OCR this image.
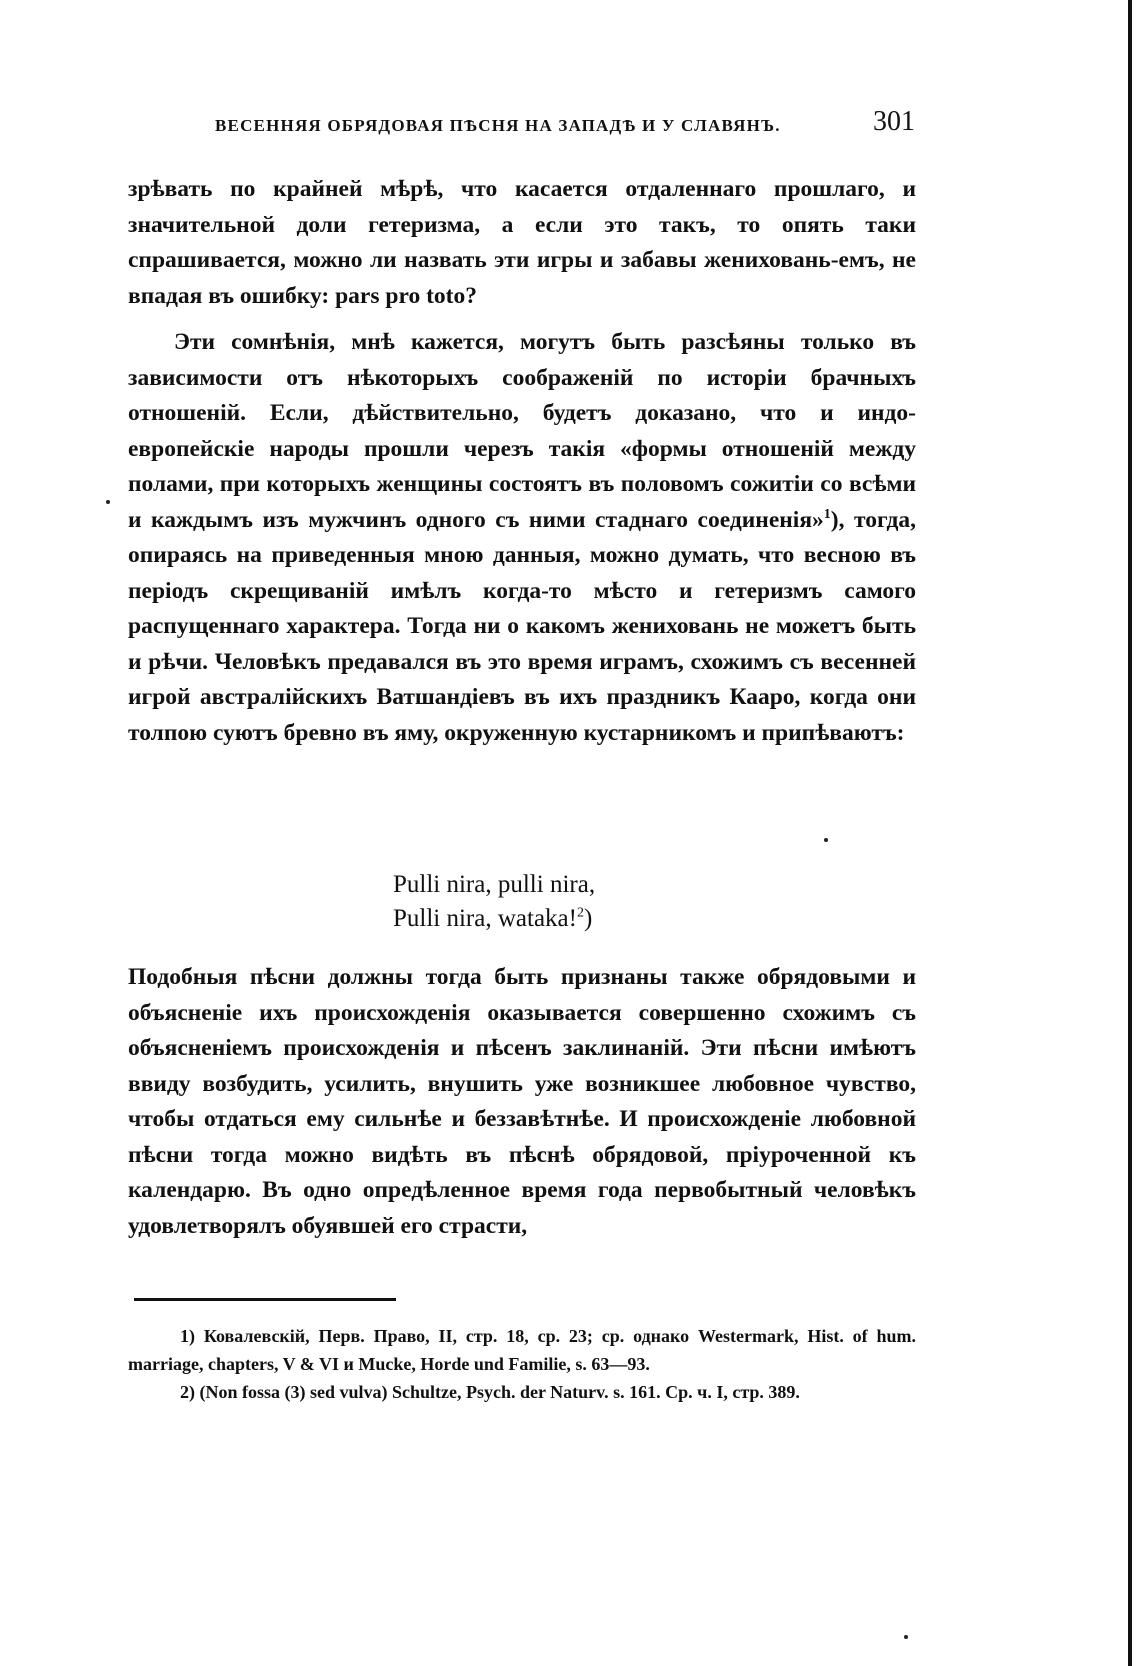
ВЕСЕННЯЯ ОБРЯДОВАЯ ПѢСНЯ НА ЗАПАДѢ И У СЛАВЯНЪ.	301
зрѣвать по крайней мѣрѣ, что касается отдаленнаго прошлаго, и значительной доли гетеризма, а если это такъ, то опять таки спрашивается, можно ли назвать эти игры и забавы жениховань-емъ, не впадая въ ошибку: pars pro toto?
Эти сомнѣнія, мнѣ кажется, могутъ быть разсѣяны только въ зависимости отъ нѣкоторыхъ соображеній по исторіи брачныхъ отношеній. Если, дѣйствительно, будетъ доказано, что и индо-европейскіе народы прошли черезъ такія «формы отношеній между полами, при которыхъ женщины состоятъ въ половомъ сожитіи со всѣми и каждымъ изъ мужчинъ одного съ ними стаднаго соединенія»$^1$), тогда, опираясь на приведенныя мною данныя, можно думать, что весною въ періодъ скрещиваній имѣлъ когда-то мѣсто и гетеризмъ самого распущеннаго характера. Тогда ни о какомъ жениховань не можетъ быть и рѣчи. Человѣкъ предавался въ это время играмъ, схожимъ съ весенней игрой австралійскихъ Ватшандіевъ въ ихъ праздникъ Кааро, когда они толпою суютъ бревно въ яму, окруженную кустарникомъ и припѣваютъ:
Pulli nira, pulli nira,
Pulli nira, wataka!$^2$)
Подобныя пѣсни должны тогда быть признаны также обрядовыми и объясненіе ихъ происхожденія оказывается совершенно схожимъ съ объясненіемъ происхожденія и пѣсенъ заклинаній. Эти пѣсни имѣютъ ввиду возбудить, усилить, внушить уже возникшее любовное чувство, чтобы отдаться ему сильнѣе и беззавѣтнѣе. И происхожденіе любовной пѣсни тогда можно видѣть въ пѣснѣ обрядовой, пріуроченной къ календарю. Въ одно опредѣленное время года первобытный человѣкъ удовлетворялъ обуявшей его страсти,
1) Ковалевскій, Перв. Право, II, стр. 18, ср. 23; ср. однако Westermark, Hist. of hum. marriage, chapters, V & VI и Mucke, Horde und Familie, s. 63—93.
2) (Non fossa (3) sed vulva) Schultze, Psych. der Naturv. s. 161. Ср. ч. I, стр. 389.
